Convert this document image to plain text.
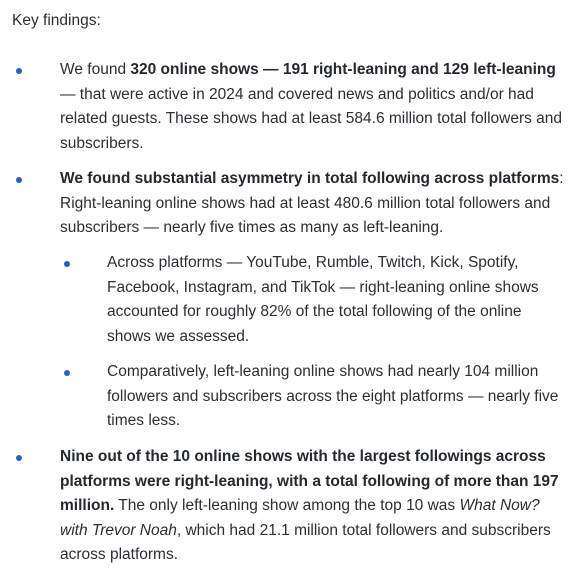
Key findings:
We found 320 online shows — 191 right-leaning and 129 left-leaning — that were active in 2024 and covered news and politics and/or had related guests. These shows had at least 584.6 million total followers and subscribers.
We found substantial asymmetry in total following across platforms: Right-leaning online shows had at least 480.6 million total followers and subscribers — nearly five times as many as left-leaning.
Across platforms — YouTube, Rumble, Twitch, Kick, Spotify, Facebook, Instagram, and TikTok — right-leaning online shows accounted for roughly 82% of the total following of the online shows we assessed.
Comparatively, left-leaning online shows had nearly 104 million followers and subscribers across the eight platforms — nearly five times less.
Nine out of the 10 online shows with the largest followings across platforms were right-leaning, with a total following of more than 197 million. The only left-leaning show among the top 10 was What Now? with Trevor Noah, which had 21.1 million total followers and subscribers across platforms.
